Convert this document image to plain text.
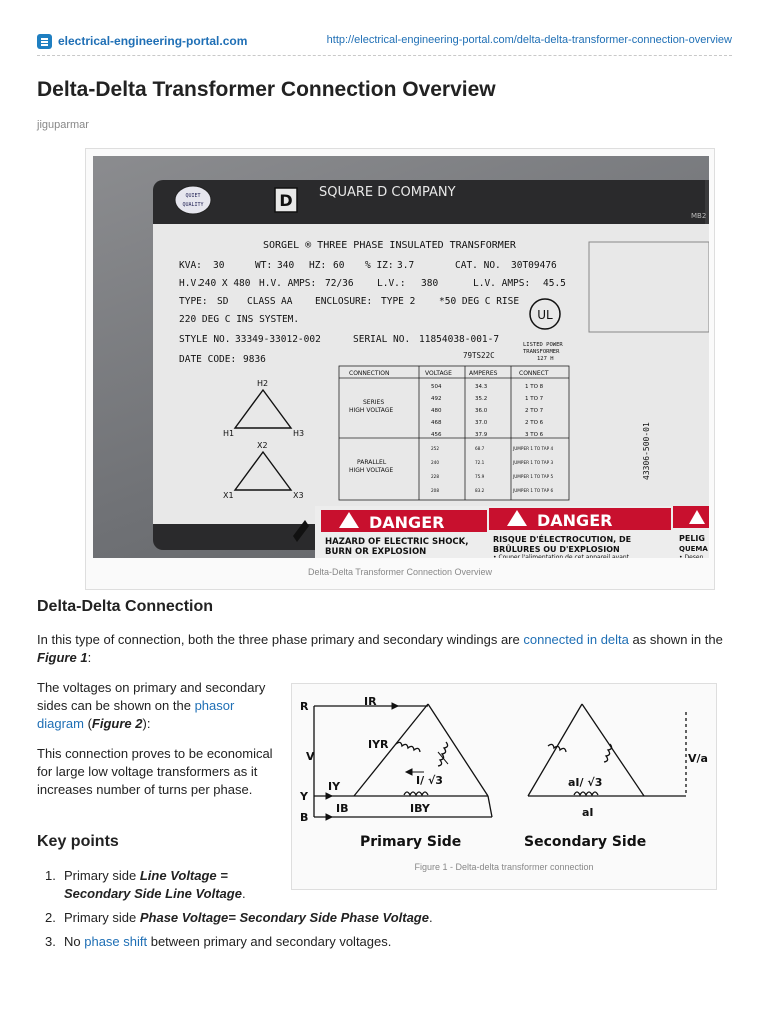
electrical-engineering-portal.com	http://electrical-engineering-portal.com/delta-delta-transformer-connection-overview
Delta-Delta Transformer Connection Overview
jiguparmar
QUIET
QUALITY	D SQUARE D COMPANY
MB2
SORGEL ® THREE PHASE INSULATED TRANSFORMER
KVA: 30	WT: 340 HZ: 60 % IZ: 3.7	CAT. NO. 30T09476
H.V.
240 X 480 H.V. AMPS: 72/36 L.V.: 380	L.V. AMPS: 45.5
TYPE: SD CLASS AA ENCLOSURE: TYPE 2 *50 DEG C RISE
220 DEG C INS SYSTEM.
STYLE NO. 33349-33012-002	SERIAL NO. 11854038-001-7
DATE CODE: 9836	79TS22C
UL
LISTED POWER
TRANSFORMER
127 H
H2
H1	H3
X2
X1	X3
CONNECTION	VOLTAGE	AMPERES	CONNECT
SERIES
HIGH VOLTAGE
PARALLEL
HIGH VOLTAGE
504	34.3	1 TO 8
492	35.2	1 TO 7
480	36.0	2 TO 7
468	37.0	2 TO 6
456	37.9	3 TO 6
252	68.7	JUMPER 1 TO TAP 4
240	72.1	JUMPER 1 TO TAP 3
228	75.9	JUMPER 1 TO TAP 5
208	83.2	JUMPER 1 TO TAP 6
43306-500-01
DANGER	DANGER
PELIG
HAZARD OF ELECTRIC SHOCK,
BURN OR EXPLOSION
RISQUE D'ÉLECTROCUTION, DE
BRÛLURES OU D'EXPLOSION	QUEMA
• Couper l'alimentation de cet appareil avant	• Desen
Delta-Delta Transformer Connection Overview
Delta-Delta Connection

In this type of connection, both the three phase primary and secondary windings are connected in delta as shown in the Figure 1:

The voltages on primary and secondary sides can be shown on the phasor diagram (Figure 2):

This connection proves to be economical for large low voltage transformers as it increases number of turns per phase.

R
Y
B
V
IR
IYR
IY
IB	IBY
I/ √3	aI/ √3
aI
V/a
Primary Side	Secondary Side
Figure 1 - Delta-delta transformer connection
Key points
1. Primary side Line Voltage = Secondary Side Line Voltage.
2. Primary side Phase Voltage= Secondary Side Phase Voltage.
3. No phase shift between primary and secondary voltages.
